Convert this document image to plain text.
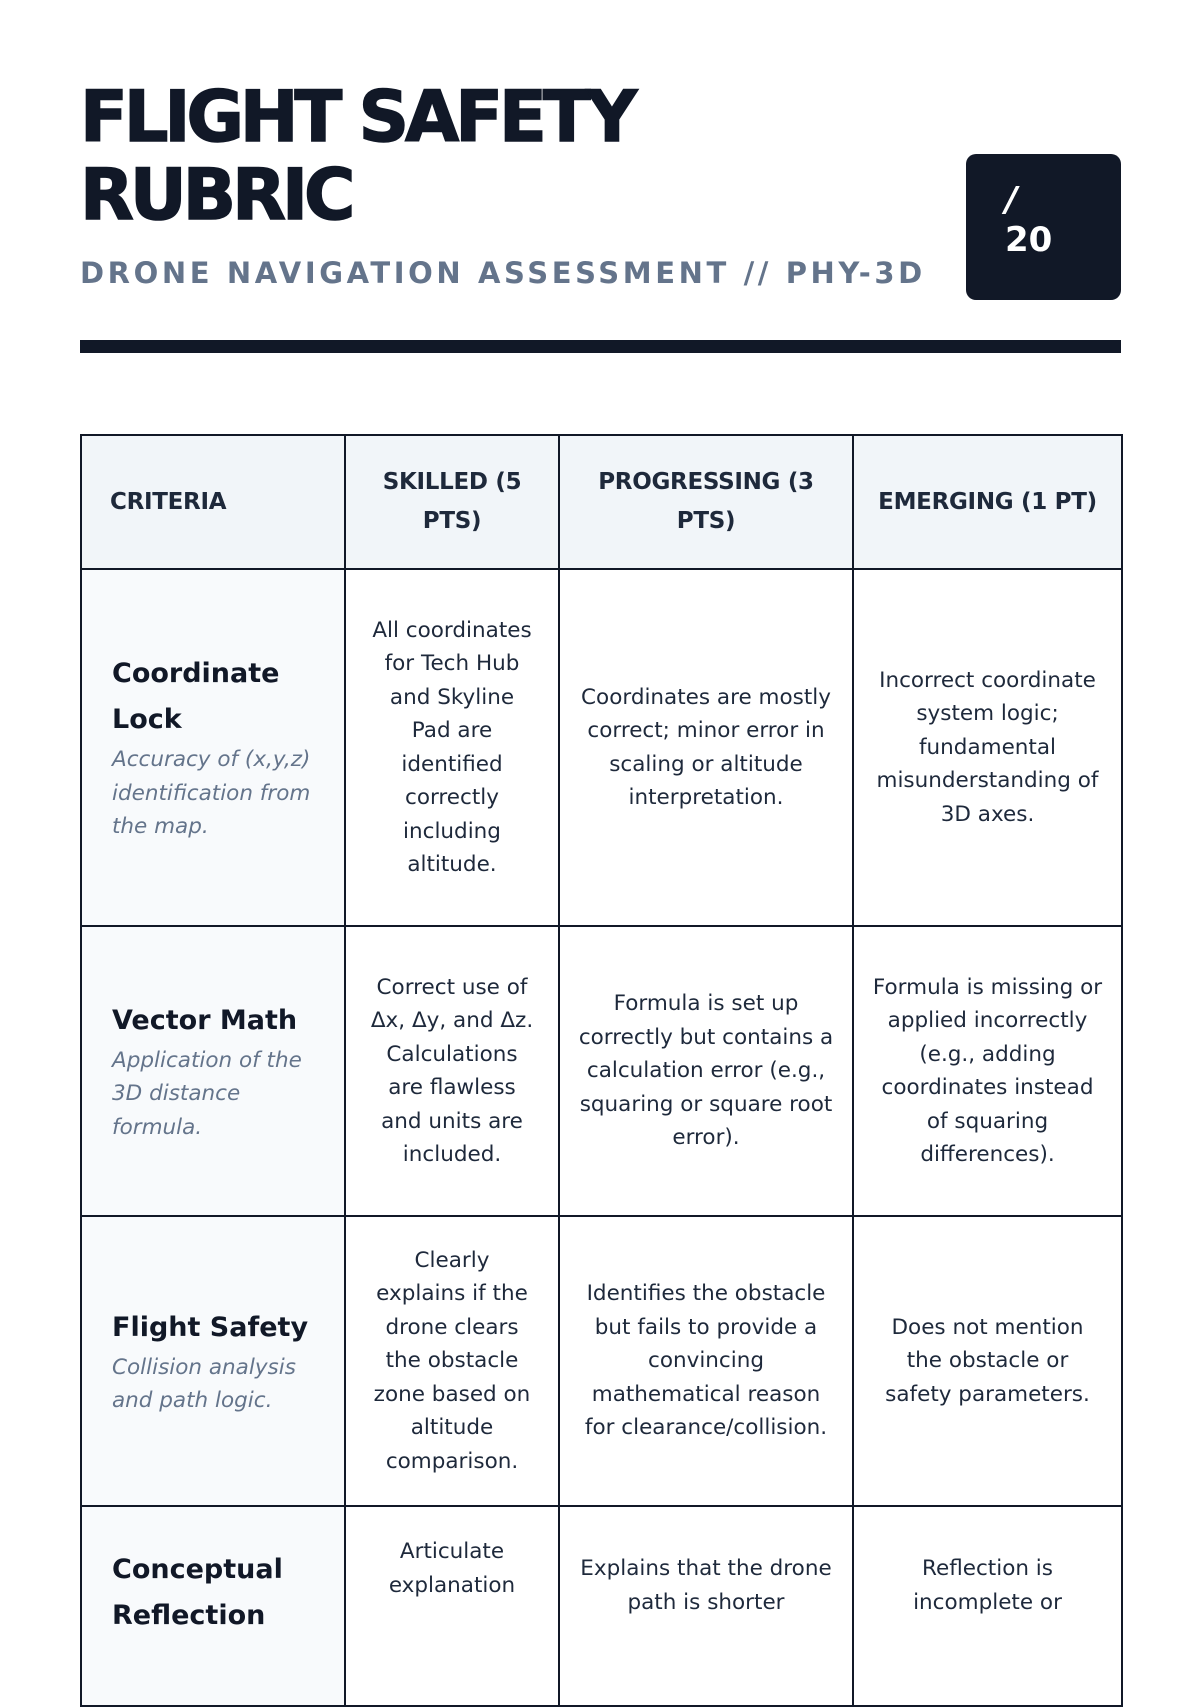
FLIGHT SAFETY RUBRIC

DRONE NAVIGATION ASSESSMENT // PHY-3D

/
20
CRITERIA	SKILLED (5 PTS)	PROGRESSING (3 PTS)	EMERGING (1 PT)

Coordinate Lock
Accuracy of (x,y,z) identification from the map.	All coordinates for Tech Hub and Skyline Pad are identified correctly including altitude.	Coordinates are mostly correct; minor error in scaling or altitude interpretation.	Incorrect coordinate system logic; fundamental misunderstanding of 3D axes.

Vector Math
Application of the 3D distance formula.	Correct use of Δx, Δy, and Δz. Calculations are flawless and units are included.	Formula is set up correctly but contains a calculation error (e.g., squaring or square root error).	Formula is missing or applied incorrectly (e.g., adding coordinates instead of squaring differences).

Flight Safety
Collision analysis and path logic.	Clearly explains if the drone clears the obstacle zone based on altitude comparison.	Identifies the obstacle but fails to provide a convincing mathematical reason for clearance/collision.	Does not mention the obstacle or safety parameters.

Conceptual Reflection	Articulate explanation	Explains that the drone path is shorter	Reflection is incomplete or
